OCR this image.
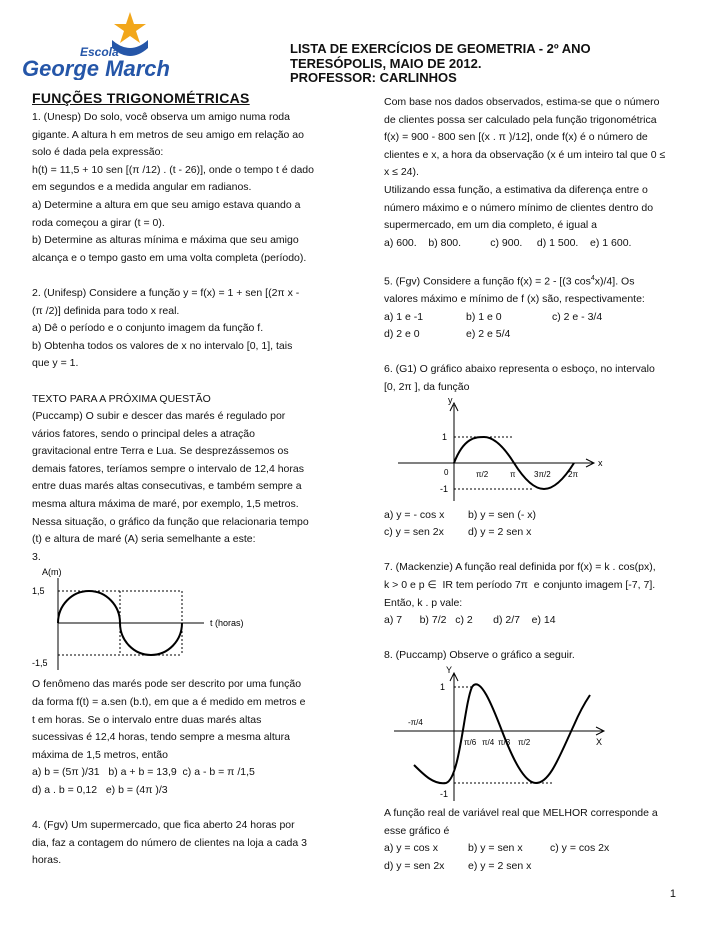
Escola
George March
LISTA DE EXERCÍCIOS DE GEOMETRIA - 2º ANO
TERESÓPOLIS, MAIO DE 2012.
PROFESSOR: CARLINHOS
FUNÇÕES TRIGONOMÉTRICAS

1. (Unesp) Do solo, você observa um amigo numa roda

gigante. A altura h em metros de seu amigo em relação ao

solo é dada pela expressão:

h(t) = 11,5 + 10 sen [(π /12) . (t - 26)], onde o tempo t é dado

em segundos e a medida angular em radianos.

a) Determine a altura em que seu amigo estava quando a

roda começou a girar (t = 0).

b) Determine as alturas mínima e máxima que seu amigo

alcança e o tempo gasto em uma volta completa (período).

2. (Unifesp) Considere a função y = f(x) = 1 + sen [(2π x -

(π /2)] definida para todo x real.

a) Dê o período e o conjunto imagem da função f.

b) Obtenha todos os valores de x no intervalo [0, 1], tais

que y = 1.

TEXTO PARA A PRÓXIMA QUESTÃO

(Puccamp) O subir e descer das marés é regulado por

vários fatores, sendo o principal deles a atração

gravitacional entre Terra e Lua. Se desprezássemos os

demais fatores, teríamos sempre o intervalo de 12,4 horas

entre duas marés altas consecutivas, e também sempre a

mesma altura máxima de maré, por exemplo, 1,5 metros.

Nessa situação, o gráfico da função que relacionaria tempo

(t) e altura de maré (A) seria semelhante a este:

3.

A(m)
1,5
-1,5
t (horas)

O fenômeno das marés pode ser descrito por uma função

da forma f(t) = a.sen (b.t), em que a é medido em metros e

t em horas. Se o intervalo entre duas marés altas

sucessivas é 12,4 horas, tendo sempre a mesma altura

máxima de 1,5 metros, então

a) b = (5π )/31   b) a + b = 13,9  c) a - b = π /1,5

d) a . b = 0,12   e) b = (4π )/3

4. (Fgv) Um supermercado, que fica aberto 24 horas por

dia, faz a contagem do número de clientes na loja a cada 3

horas.

Com base nos dados observados, estima-se que o número

de clientes possa ser calculado pela função trigonométrica

f(x) = 900 - 800 sen [(x . π )/12], onde f(x) é o número de

clientes e x, a hora da observação (x é um inteiro tal que 0 ≤

x ≤ 24).

Utilizando essa função, a estimativa da diferença entre o

número máximo e o número mínimo de clientes dentro do

supermercado, em um dia completo, é igual a

a) 600.    b) 800.          c) 900.     d) 1 500.    e) 1 600.

5. (Fgv) Considere a função f(x) = 2 - [(3 $\cos^4x)/4$]. Os

valores máximo e mínimo de f (x) são, respectivamente:

a) 1 e -1	b) 1 e 0	c) 2 e - 3/4

d) 2 e 0	e) 2 e 5/4

6. (G1) O gráfico abaixo representa o esboço, no intervalo

[0, 2π ], da função

y
x
1
-1
0	π/2	π 3π/2 2π

a) y = - cos x	b) y = sen (- x)

c) y = sen 2x	d) y = 2 sen x

7. (Mackenzie) A função real definida por f(x) = k . cos(px),

k > 0 e p ∈  IR tem período 7π  e conjunto imagem [-7, 7].

Então, k . p vale:

a) 7      b) 7/2   c) 2       d) 2/7    e) 14

8. (Puccamp) Observe o gráfico a seguir.

Y
X
1
-1
-π/4
π/6 π/4 π/3 π/2

A função real de variável real que MELHOR corresponde a

esse gráfico é

a) y = cos x	b) y = sen x	c) y = cos 2x

d) y = sen 2x	e) y = 2 sen x

1
